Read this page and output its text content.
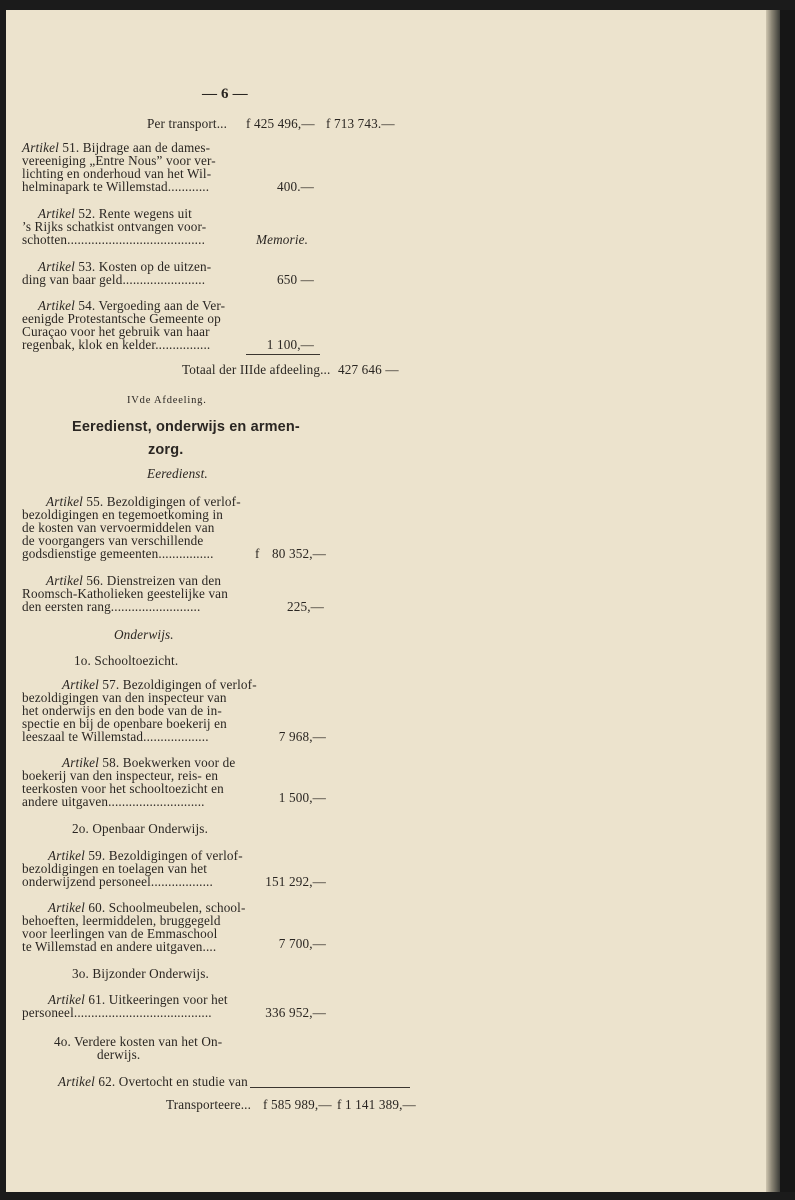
— 6 —
Per transport... f 425 496,— f 713 743.—
Artikel 51. Bijdrage aan de dames-
vereeniging „Entre Nous” voor ver-
lichting en onderhoud van het Wil-
helminapark te Willemstad............	400.—
Artikel 52. Rente wegens uit
’s Rijks schatkist ontvangen voor-
schotten........................................	Memorie.
Artikel 53. Kosten op de uitzen-
ding van baar geld........................	650 —
Artikel 54. Vergoeding aan de Ver-
eenigde Protestantsche Gemeente op
Curaçao voor het gebruik van haar
regenbak, klok en kelder................	1 100,—
Totaal der IIIde afdeeling... 427 646 —
IVde Afdeeling.
Eeredienst, onderwijs en armen-
zorg.
Eeredienst.
Artikel 55. Bezoldigingen of verlof-
bezoldigingen en tegemoetkoming in
de kosten van vervoermiddelen van
de voorgangers van verschillende
godsdienstige gemeenten................	f 80 352,—
Artikel 56. Dienstreizen van den
Roomsch-Katholieken geestelijke van
den eersten rang..........................	225,—
Onderwijs.
1o. Schooltoezicht.
Artikel 57. Bezoldigingen of verlof-
bezoldigingen van den inspecteur van
het onderwijs en den bode van de in-
spectie en bij de openbare boekerij en
leeszaal te Willemstad...................	7 968,—
Artikel 58. Boekwerken voor de
boekerij van den inspecteur, reis- en
teerkosten voor het schooltoezicht en
andere uitgaven............................	1 500,—
2o. Openbaar Onderwijs.
Artikel 59. Bezoldigingen of verlof-
bezoldigingen en toelagen van het
onderwijzend personeel..................	151 292,—
Artikel 60. Schoolmeubelen, school-
behoeften, leermiddelen, bruggegeld
voor leerlingen van de Emmaschool
te Willemstad en andere uitgaven....	7 700,—
3o. Bijzonder Onderwijs.
Artikel 61. Uitkeeringen voor het
personeel........................................	336 952,—
4o. Verdere kosten van het On-
derwijs.
Artikel 62. Overtocht en studie van
Transporteere... f 585 989,— f 1 141 389,—
